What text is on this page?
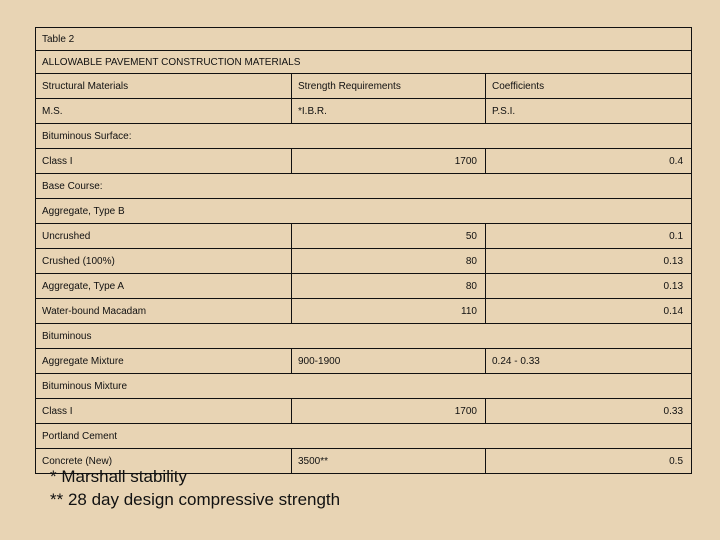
Table 2		
ALLOWABLE PAVEMENT CONSTRUCTION MATERIALS		
Structural Materials	Strength Requirements	Coefficients
M.S.	*I.B.R.	P.S.I.
Bituminous Surface:		
Class I	1700	0.4
Base Course:		
Aggregate, Type B		
Uncrushed	50	0.1
Crushed (100%)	80	0.13
Aggregate, Type A	80	0.13
Water-bound Macadam	110	0.14
Bituminous		
Aggregate Mixture	900-1900	0.24 - 0.33
Bituminous Mixture		
Class I	1700	0.33
Portland Cement		
Concrete (New)	3500**	0.5
* Marshall stability
** 28 day design compressive strength
